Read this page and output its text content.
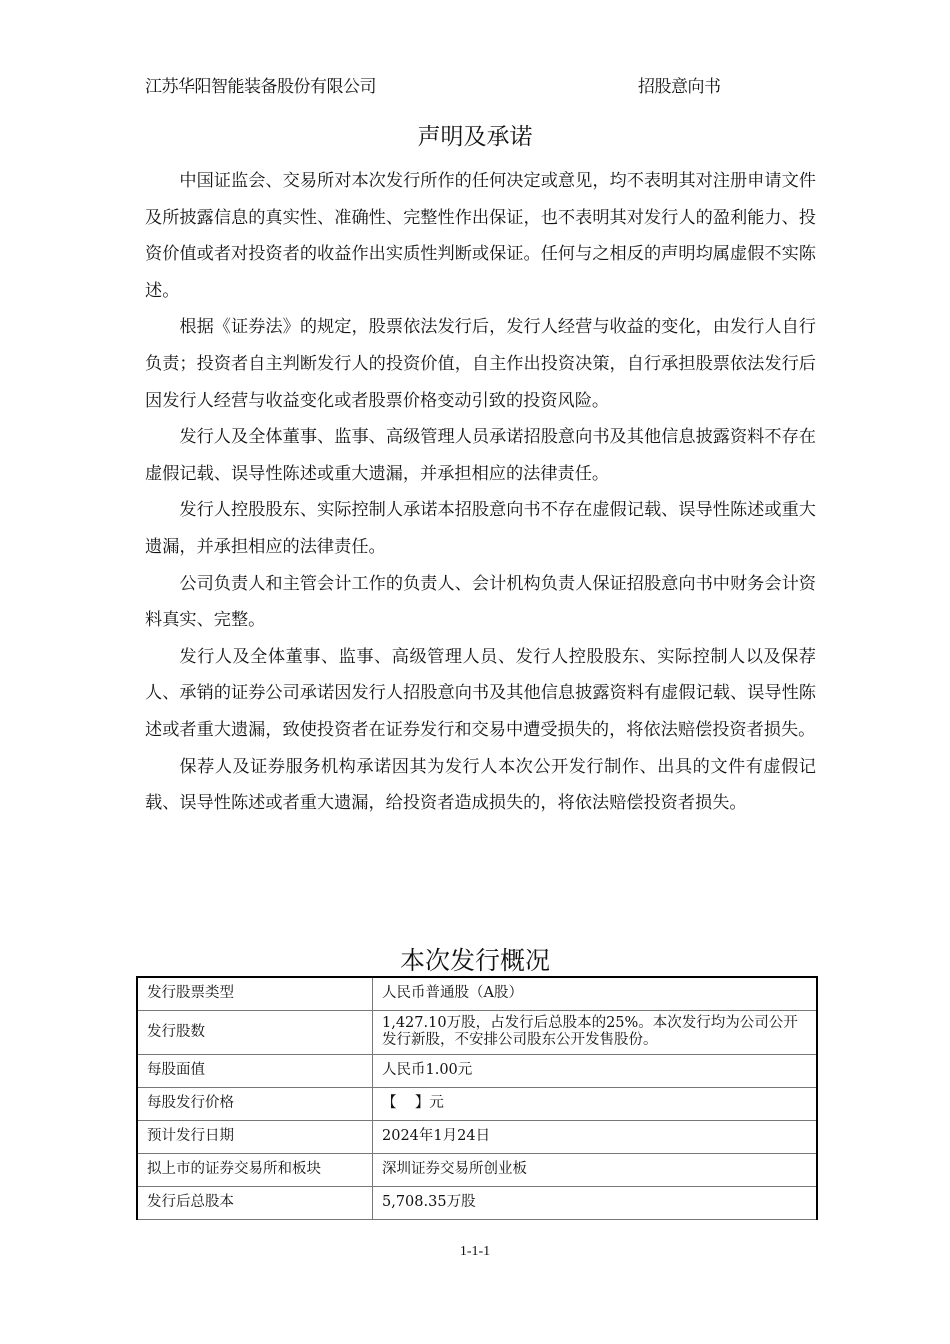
江苏华阳智能装备股份有限公司	招股意向书
声明及承诺

中国证监会、交易所对本次发行所作的任何决定或意见，均不表明其对注册申请文件及所披露信息的真实性、准确性、完整性作出保证，也不表明其对发行人的盈利能力、投资价值或者对投资者的收益作出实质性判断或保证。任何与之相反的声明均属虚假不实陈述。

根据《证券法》的规定，股票依法发行后，发行人经营与收益的变化，由发行人自行负责；投资者自主判断发行人的投资价值，自主作出投资决策，自行承担股票依法发行后因发行人经营与收益变化或者股票价格变动引致的投资风险。

发行人及全体董事、监事、高级管理人员承诺招股意向书及其他信息披露资料不存在虚假记载、误导性陈述或重大遗漏，并承担相应的法律责任。

发行人控股股东、实际控制人承诺本招股意向书不存在虚假记载、误导性陈述或重大遗漏，并承担相应的法律责任。

公司负责人和主管会计工作的负责人、会计机构负责人保证招股意向书中财务会计资料真实、完整。

发行人及全体董事、监事、高级管理人员、发行人控股股东、实际控制人以及保荐人、承销的证券公司承诺因发行人招股意向书及其他信息披露资料有虚假记载、误导性陈述或者重大遗漏，致使投资者在证券发行和交易中遭受损失的，将依法赔偿投资者损失。

保荐人及证券服务机构承诺因其为发行人本次公开发行制作、出具的文件有虚假记载、误导性陈述或者重大遗漏，给投资者造成损失的，将依法赔偿投资者损失。

本次发行概况
发行股票类型	人民币普通股（A股）
发行股数	1,427.10万股，占发行后总股本的25%。本次发行均为公司公开发行新股，不安排公司股东公开发售股份。
每股面值	人民币1.00元
每股发行价格	【    】元
预计发行日期	2024年1月24日
拟上市的证券交易所和板块	深圳证券交易所创业板
发行后总股本	5,708.35万股
1-1-1
